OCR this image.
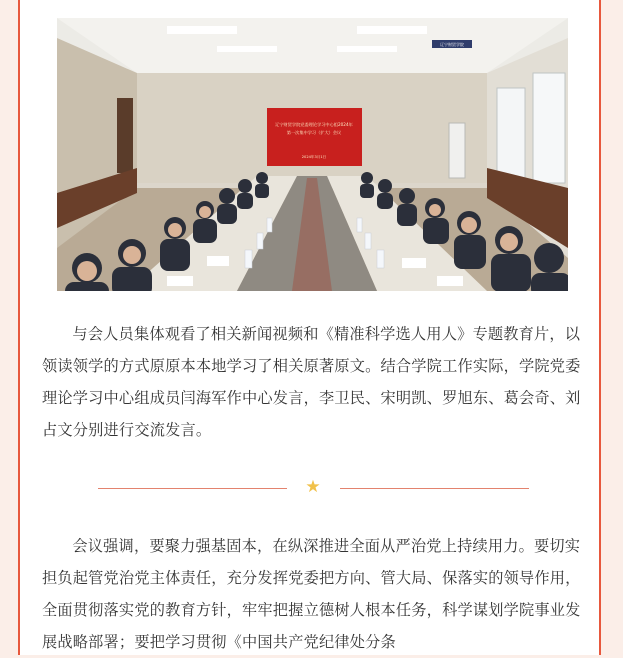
辽宁财贸学院党委理论学习中心组2024年
第一次集中学习（扩大）会议
2024年3月1日
辽宁财贸学院

与会人员集体观看了相关新闻视频和《精准科学选人用人》专题教育片，以领读领学的方式原原本本地学习了相关原著原文。结合学院工作实际，学院党委理论学习中心组成员闫海军作中心发言，李卫民、宋明凯、罗旭东、葛会奇、刘占文分别进行交流发言。

★

会议强调，要聚力强基固本，在纵深推进全面从严治党上持续用力。要切实担负起管党治党主体责任，充分发挥党委把方向、管大局、保落实的领导作用，全面贯彻落实党的教育方针，牢牢把握立德树人根本任务，科学谋划学院事业发展战略部署；要把学习贯彻《中国共产党纪律处分条
